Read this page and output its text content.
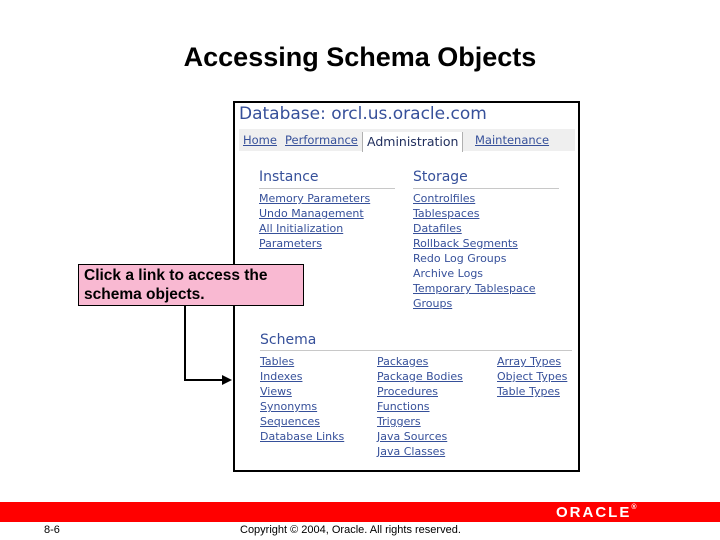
Accessing Schema Objects
Database: orcl.us.oracle.com
Home Performance Administration	Maintenance
Instance
Memory Parameters
Undo Management
All Initialization Parameters
Storage
Controlfiles
Tablespaces
Datafiles
Rollback Segments
Redo Log Groups
Archive Logs
Temporary Tablespace Groups
Schema
Tables
Indexes
Views
Synonyms
Sequences
Database Links
Packages
Package Bodies
Procedures
Functions
Triggers
Java Sources
Java Classes
Array Types
Object Types
Table Types
Click a link to access the schema objects.
ORACLE®
8-6	Copyright © 2004, Oracle. All rights reserved.
